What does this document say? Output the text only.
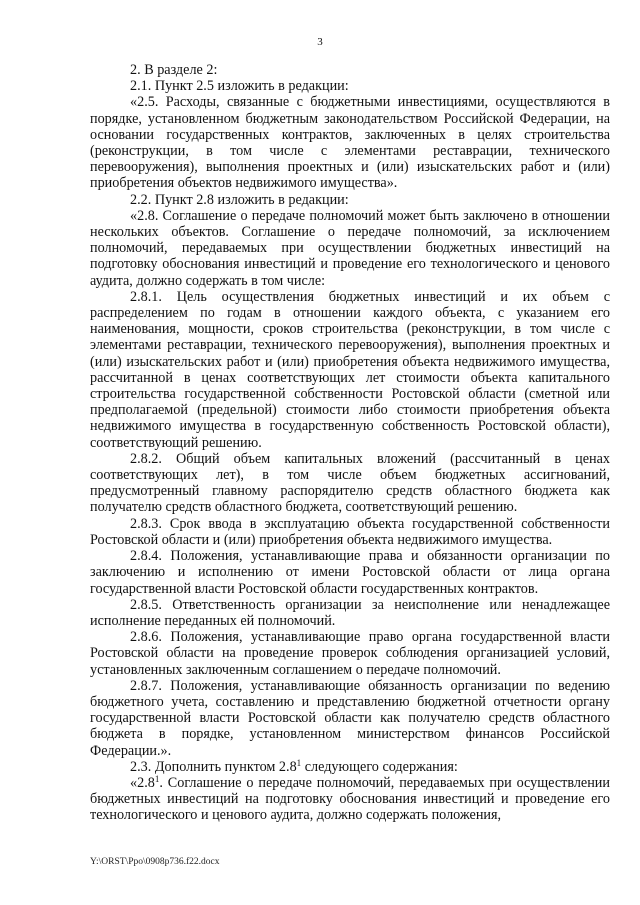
3

2. В разделе 2:

2.1. Пункт 2.5 изложить в редакции:

«2.5. Расходы, связанные с бюджетными инвестициями, осуществляются в порядке, установленном бюджетным законодательством Российской Федерации, на основании государственных контрактов, заключенных в целях строительства (реконструкции, в том числе с элементами реставрации, технического перевооружения), выполнения проектных и (или) изыскательских работ и (или) приобретения объектов недвижимого имущества».

2.2. Пункт 2.8 изложить в редакции:

«2.8. Соглашение о передаче полномочий может быть заключено в отношении нескольких объектов. Соглашение о передаче полномочий, за исключением полномочий, передаваемых при осуществлении бюджетных инвестиций на подготовку обоснования инвестиций и проведение его технологического и ценового аудита, должно содержать в том числе:

2.8.1. Цель осуществления бюджетных инвестиций и их объем с распределением по годам в отношении каждого объекта, с указанием его наименования, мощности, сроков строительства (реконструкции, в том числе с элементами реставрации, технического перевооружения), выполнения проектных и (или) изыскательских работ и (или) приобретения объекта недвижимого имущества, рассчитанной в ценах соответствующих лет стоимости объекта капитального строительства государственной собственности Ростовской области (сметной или предполагаемой (предельной) стоимости либо стоимости приобретения объекта недвижимого имущества в государственную собственность Ростовской области), соответствующий решению.

2.8.2. Общий объем капитальных вложений (рассчитанный в ценах соответствующих лет), в том числе объем бюджетных ассигнований, предусмотренный главному распорядителю средств областного бюджета как получателю средств областного бюджета, соответствующий решению.

2.8.3. Срок ввода в эксплуатацию объекта государственной собственности Ростовской области и (или) приобретения объекта недвижимого имущества.

2.8.4. Положения, устанавливающие права и обязанности организации по заключению и исполнению от имени Ростовской области от лица органа государственной власти Ростовской области государственных контрактов.

2.8.5. Ответственность организации за неисполнение или ненадлежащее исполнение переданных ей полномочий.

2.8.6. Положения, устанавливающие право органа государственной власти Ростовской области на проведение проверок соблюдения организацией условий, установленных заключенным соглашением о передаче полномочий.

2.8.7. Положения, устанавливающие обязанность организации по ведению бюджетного учета, составлению и представлению бюджетной отчетности органу государственной власти Ростовской области как получателю средств областного бюджета в порядке, установленном министерством финансов Российской Федерации.».

2.3. Дополнить пунктом $2.8^1$ следующего содержания:

«$2.8^1$. Соглашение о передаче полномочий, передаваемых при осуществлении бюджетных инвестиций на подготовку обоснования инвестиций и проведение его технологического и ценового аудита, должно содержать положения,

Y:\ORST\Ppo\0908p736.f22.docx
